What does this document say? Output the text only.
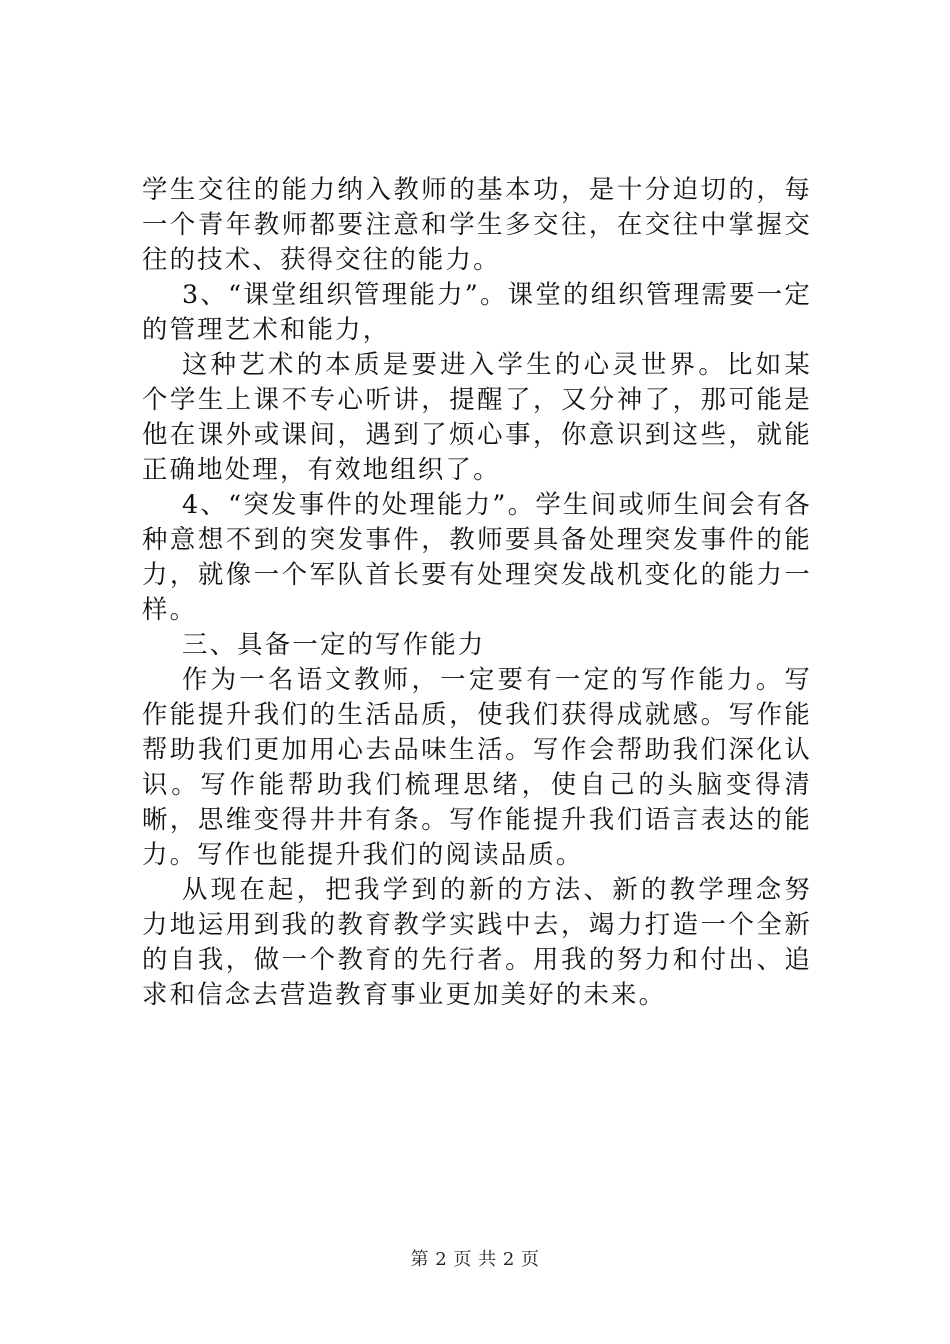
学生交往的能力纳入教师的基本功，是十分迫切的，每一个青年教师都要注意和学生多交往，在交往中掌握交往的技术、获得交往的能力。

3、“课堂组织管理能力”。课堂的组织管理需要一定的管理艺术和能力，

这种艺术的本质是要进入学生的心灵世界。比如某个学生上课不专心听讲，提醒了，又分神了，那可能是他在课外或课间，遇到了烦心事，你意识到这些，就能正确地处理，有效地组织了。

4、“突发事件的处理能力”。学生间或师生间会有各种意想不到的突发事件，教师要具备处理突发事件的能力，就像一个军队首长要有处理突发战机变化的能力一样。

三、具备一定的写作能力

作为一名语文教师，一定要有一定的写作能力。写作能提升我们的生活品质，使我们获得成就感。写作能帮助我们更加用心去品味生活。写作会帮助我们深化认识。写作能帮助我们梳理思绪，使自己的头脑变得清晰，思维变得井井有条。写作能提升我们语言表达的能力。写作也能提升我们的阅读品质。

从现在起，把我学到的新的方法、新的教学理念努力地运用到我的教育教学实践中去，竭力打造一个全新的自我，做一个教育的先行者。用我的努力和付出、追求和信念去营造教育事业更加美好的未来。

第 2 页 共 2 页
